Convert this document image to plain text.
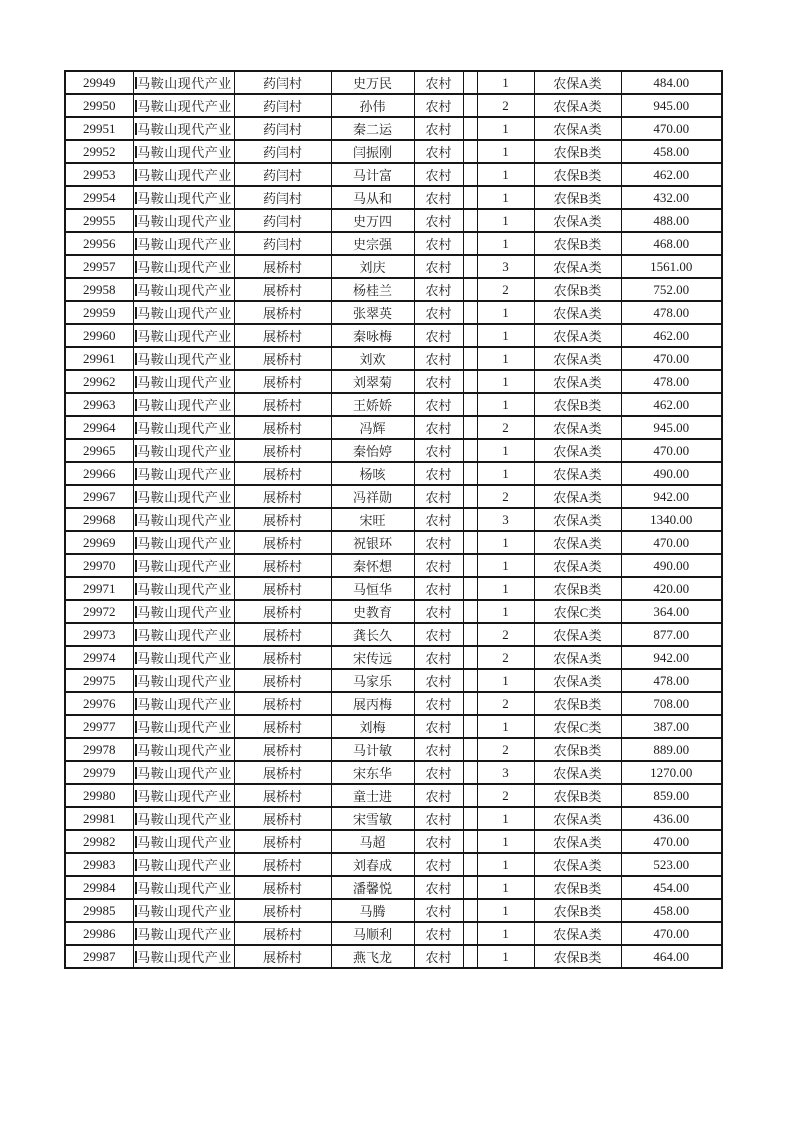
29949	马鞍山现代产业	药闫村	史万民	农村		1	农保A类	484.00
29950	马鞍山现代产业	药闫村	孙伟	农村		2	农保A类	945.00
29951	马鞍山现代产业	药闫村	秦二运	农村		1	农保A类	470.00
29952	马鞍山现代产业	药闫村	闫振刚	农村		1	农保B类	458.00
29953	马鞍山现代产业	药闫村	马计富	农村		1	农保B类	462.00
29954	马鞍山现代产业	药闫村	马从和	农村		1	农保B类	432.00
29955	马鞍山现代产业	药闫村	史万四	农村		1	农保A类	488.00
29956	马鞍山现代产业	药闫村	史宗强	农村		1	农保B类	468.00
29957	马鞍山现代产业	展桥村	刘庆	农村		3	农保A类	1561.00
29958	马鞍山现代产业	展桥村	杨桂兰	农村		2	农保B类	752.00
29959	马鞍山现代产业	展桥村	张翠英	农村		1	农保A类	478.00
29960	马鞍山现代产业	展桥村	秦咏梅	农村		1	农保A类	462.00
29961	马鞍山现代产业	展桥村	刘欢	农村		1	农保A类	470.00
29962	马鞍山现代产业	展桥村	刘翠菊	农村		1	农保A类	478.00
29963	马鞍山现代产业	展桥村	王娇娇	农村		1	农保B类	462.00
29964	马鞍山现代产业	展桥村	冯辉	农村		2	农保A类	945.00
29965	马鞍山现代产业	展桥村	秦怡婷	农村		1	农保A类	470.00
29966	马鞍山现代产业	展桥村	杨咳	农村		1	农保A类	490.00
29967	马鞍山现代产业	展桥村	冯祥勋	农村		2	农保A类	942.00
29968	马鞍山现代产业	展桥村	宋旺	农村		3	农保A类	1340.00
29969	马鞍山现代产业	展桥村	祝银环	农村		1	农保A类	470.00
29970	马鞍山现代产业	展桥村	秦怀想	农村		1	农保A类	490.00
29971	马鞍山现代产业	展桥村	马恒华	农村		1	农保B类	420.00
29972	马鞍山现代产业	展桥村	史教育	农村		1	农保C类	364.00
29973	马鞍山现代产业	展桥村	龚长久	农村		2	农保A类	877.00
29974	马鞍山现代产业	展桥村	宋传远	农村		2	农保A类	942.00
29975	马鞍山现代产业	展桥村	马家乐	农村		1	农保A类	478.00
29976	马鞍山现代产业	展桥村	展丙梅	农村		2	农保B类	708.00
29977	马鞍山现代产业	展桥村	刘梅	农村		1	农保C类	387.00
29978	马鞍山现代产业	展桥村	马计敏	农村		2	农保B类	889.00
29979	马鞍山现代产业	展桥村	宋东华	农村		3	农保A类	1270.00
29980	马鞍山现代产业	展桥村	童士进	农村		2	农保B类	859.00
29981	马鞍山现代产业	展桥村	宋雪敏	农村		1	农保A类	436.00
29982	马鞍山现代产业	展桥村	马超	农村		1	农保A类	470.00
29983	马鞍山现代产业	展桥村	刘春成	农村		1	农保A类	523.00
29984	马鞍山现代产业	展桥村	潘馨悦	农村		1	农保B类	454.00
29985	马鞍山现代产业	展桥村	马腾	农村		1	农保B类	458.00
29986	马鞍山现代产业	展桥村	马顺利	农村		1	农保A类	470.00
29987	马鞍山现代产业	展桥村	燕飞龙	农村		1	农保B类	464.00
